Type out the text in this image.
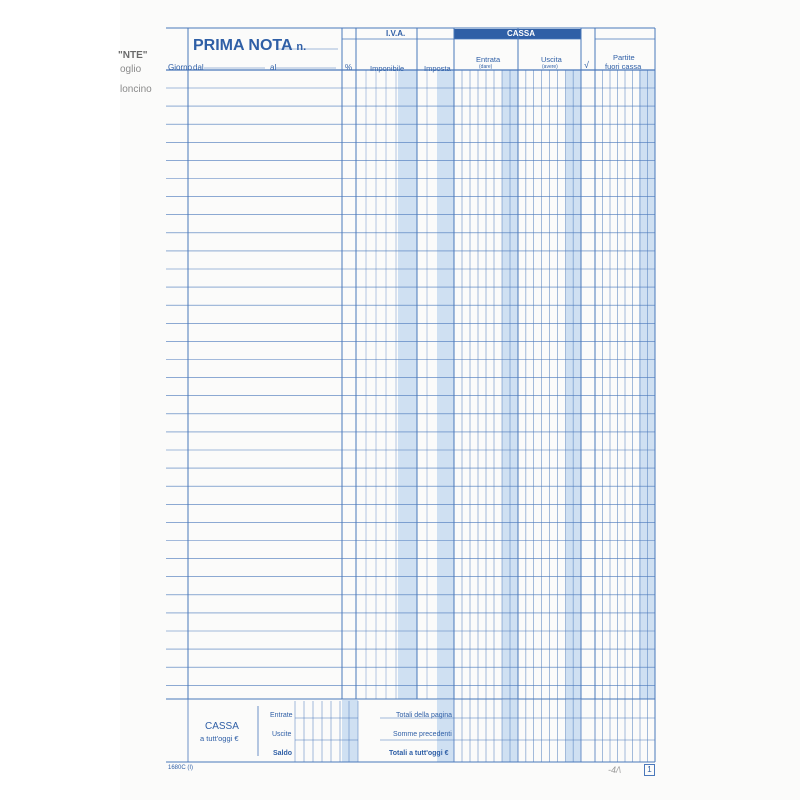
"NTE"
oglio
loncino
PRIMA NOTA n.
Giorno dal	al	%
I.V.A.
Imponibile	Imposta
CASSA
Entrata
(dare)
Uscita
(avere)	√
Partite
fuori cassa
CASSA
a tutt'oggi €
Entrate
Uscite
Saldo
Totali della pagina
Somme precedenti
Totali a tutt'oggi €
1680C (I)	-4/\	1
